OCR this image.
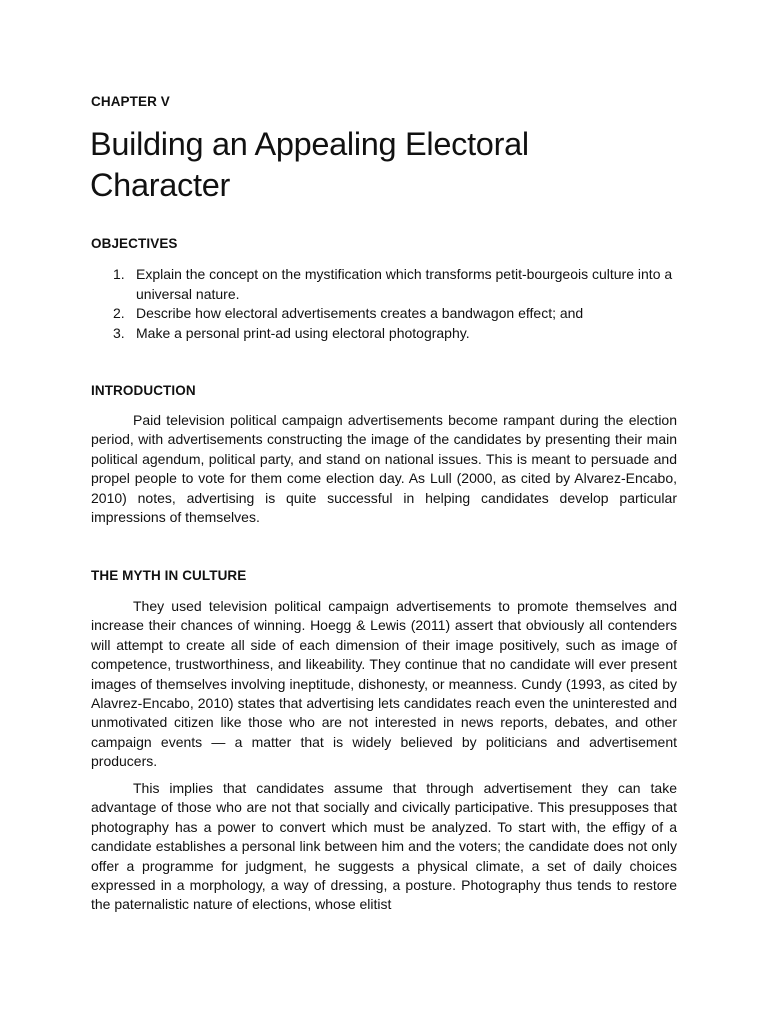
CHAPTER V
Building an Appealing Electoral Character
OBJECTIVES
1. Explain the concept on the mystification which transforms petit-bourgeois culture into a universal nature.
2. Describe how electoral advertisements creates a bandwagon effect; and
3. Make a personal print-ad using electoral photography.
INTRODUCTION

Paid television political campaign advertisements become rampant during the election period, with advertisements constructing the image of the candidates by presenting their main political agendum, political party, and stand on national issues. This is meant to persuade and propel people to vote for them come election day. As Lull (2000, as cited by Alvarez-Encabo, 2010) notes, advertising is quite successful in helping candidates develop particular impressions of themselves.

THE MYTH IN CULTURE

They used television political campaign advertisements to promote themselves and increase their chances of winning. Hoegg & Lewis (2011) assert that obviously all contenders will attempt to create all side of each dimension of their image positively, such as image of competence, trustworthiness, and likeability. They continue that no candidate will ever present images of themselves involving ineptitude, dishonesty, or meanness. Cundy (1993, as cited by Alavrez-Encabo, 2010) states that advertising lets candidates reach even the uninterested and unmotivated citizen like those who are not interested in news reports, debates, and other campaign events — a matter that is widely believed by politicians and advertisement producers.

This implies that candidates assume that through advertisement they can take advantage of those who are not that socially and civically participative. This presupposes that photography has a power to convert which must be analyzed. To start with, the effigy of a candidate establishes a personal link between him and the voters; the candidate does not only offer a programme for judgment, he suggests a physical climate, a set of daily choices expressed in a morphology, a way of dressing, a posture. Photography thus tends to restore the paternalistic nature of elections, whose elitist
